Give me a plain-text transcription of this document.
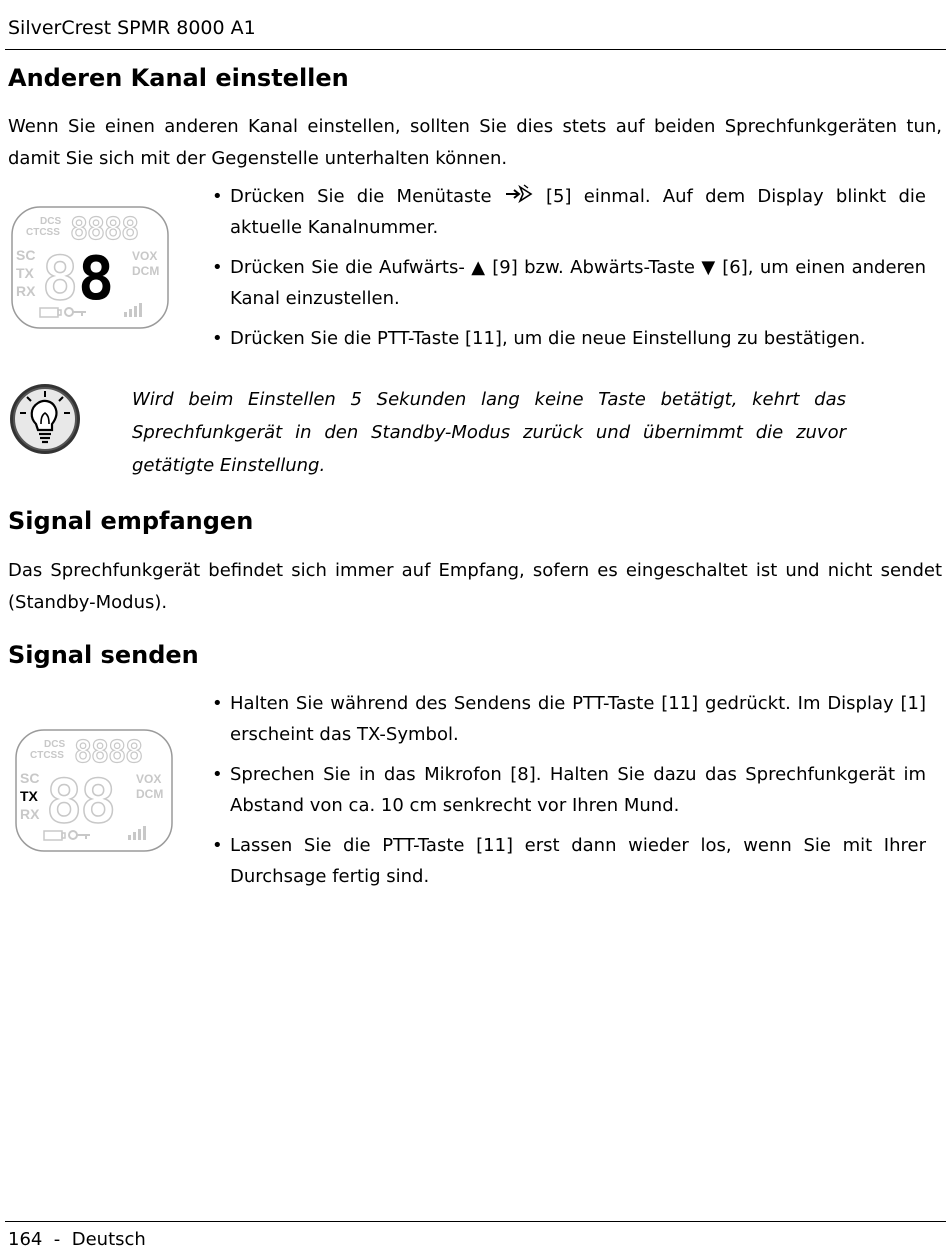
SilverCrest SPMR 8000 A1
Anderen Kanal einstellen

Wenn Sie einen anderen Kanal einstellen, sollten Sie dies stets auf beiden Sprechfunkgeräten tun, damit Sie sich mit der Gegenstelle unterhalten können.

DCS
CTCSS 8888
SC
TX
RX 8 8 VOX
DCM
• Drücken Sie die Menütaste  [5] einmal. Auf dem Display blinkt die aktuelle Kanalnummer.
• Drücken Sie die Aufwärts- ▲ [9] bzw. Abwärts-Taste ▼ [6], um einen anderen Kanal einzustellen.
• Drücken Sie die PTT-Taste [11], um die neue Einstellung zu bestätigen.

Wird beim Einstellen 5 Sekunden lang keine Taste betätigt, kehrt das Sprechfunkgerät in den Standby-Modus zurück und übernimmt die zuvor getätigte Einstellung.

Signal empfangen

Das Sprechfunkgerät befindet sich immer auf Empfang, sofern es eingeschaltet ist und nicht sendet (Standby-Modus).

Signal senden
DCS
CTCSS 8888
SC
TX
RX 88 VOX
DCM
• Halten Sie während des Sendens die PTT-Taste [11] gedrückt. Im Display [1] erscheint das TX-Symbol.
• Sprechen Sie in das Mikrofon [8]. Halten Sie dazu das Sprechfunkgerät im Abstand von ca. 10 cm senkrecht vor Ihren Mund.
• Lassen Sie die PTT-Taste [11] erst dann wieder los, wenn Sie mit Ihrer Durchsage fertig sind.
164  -  Deutsch
